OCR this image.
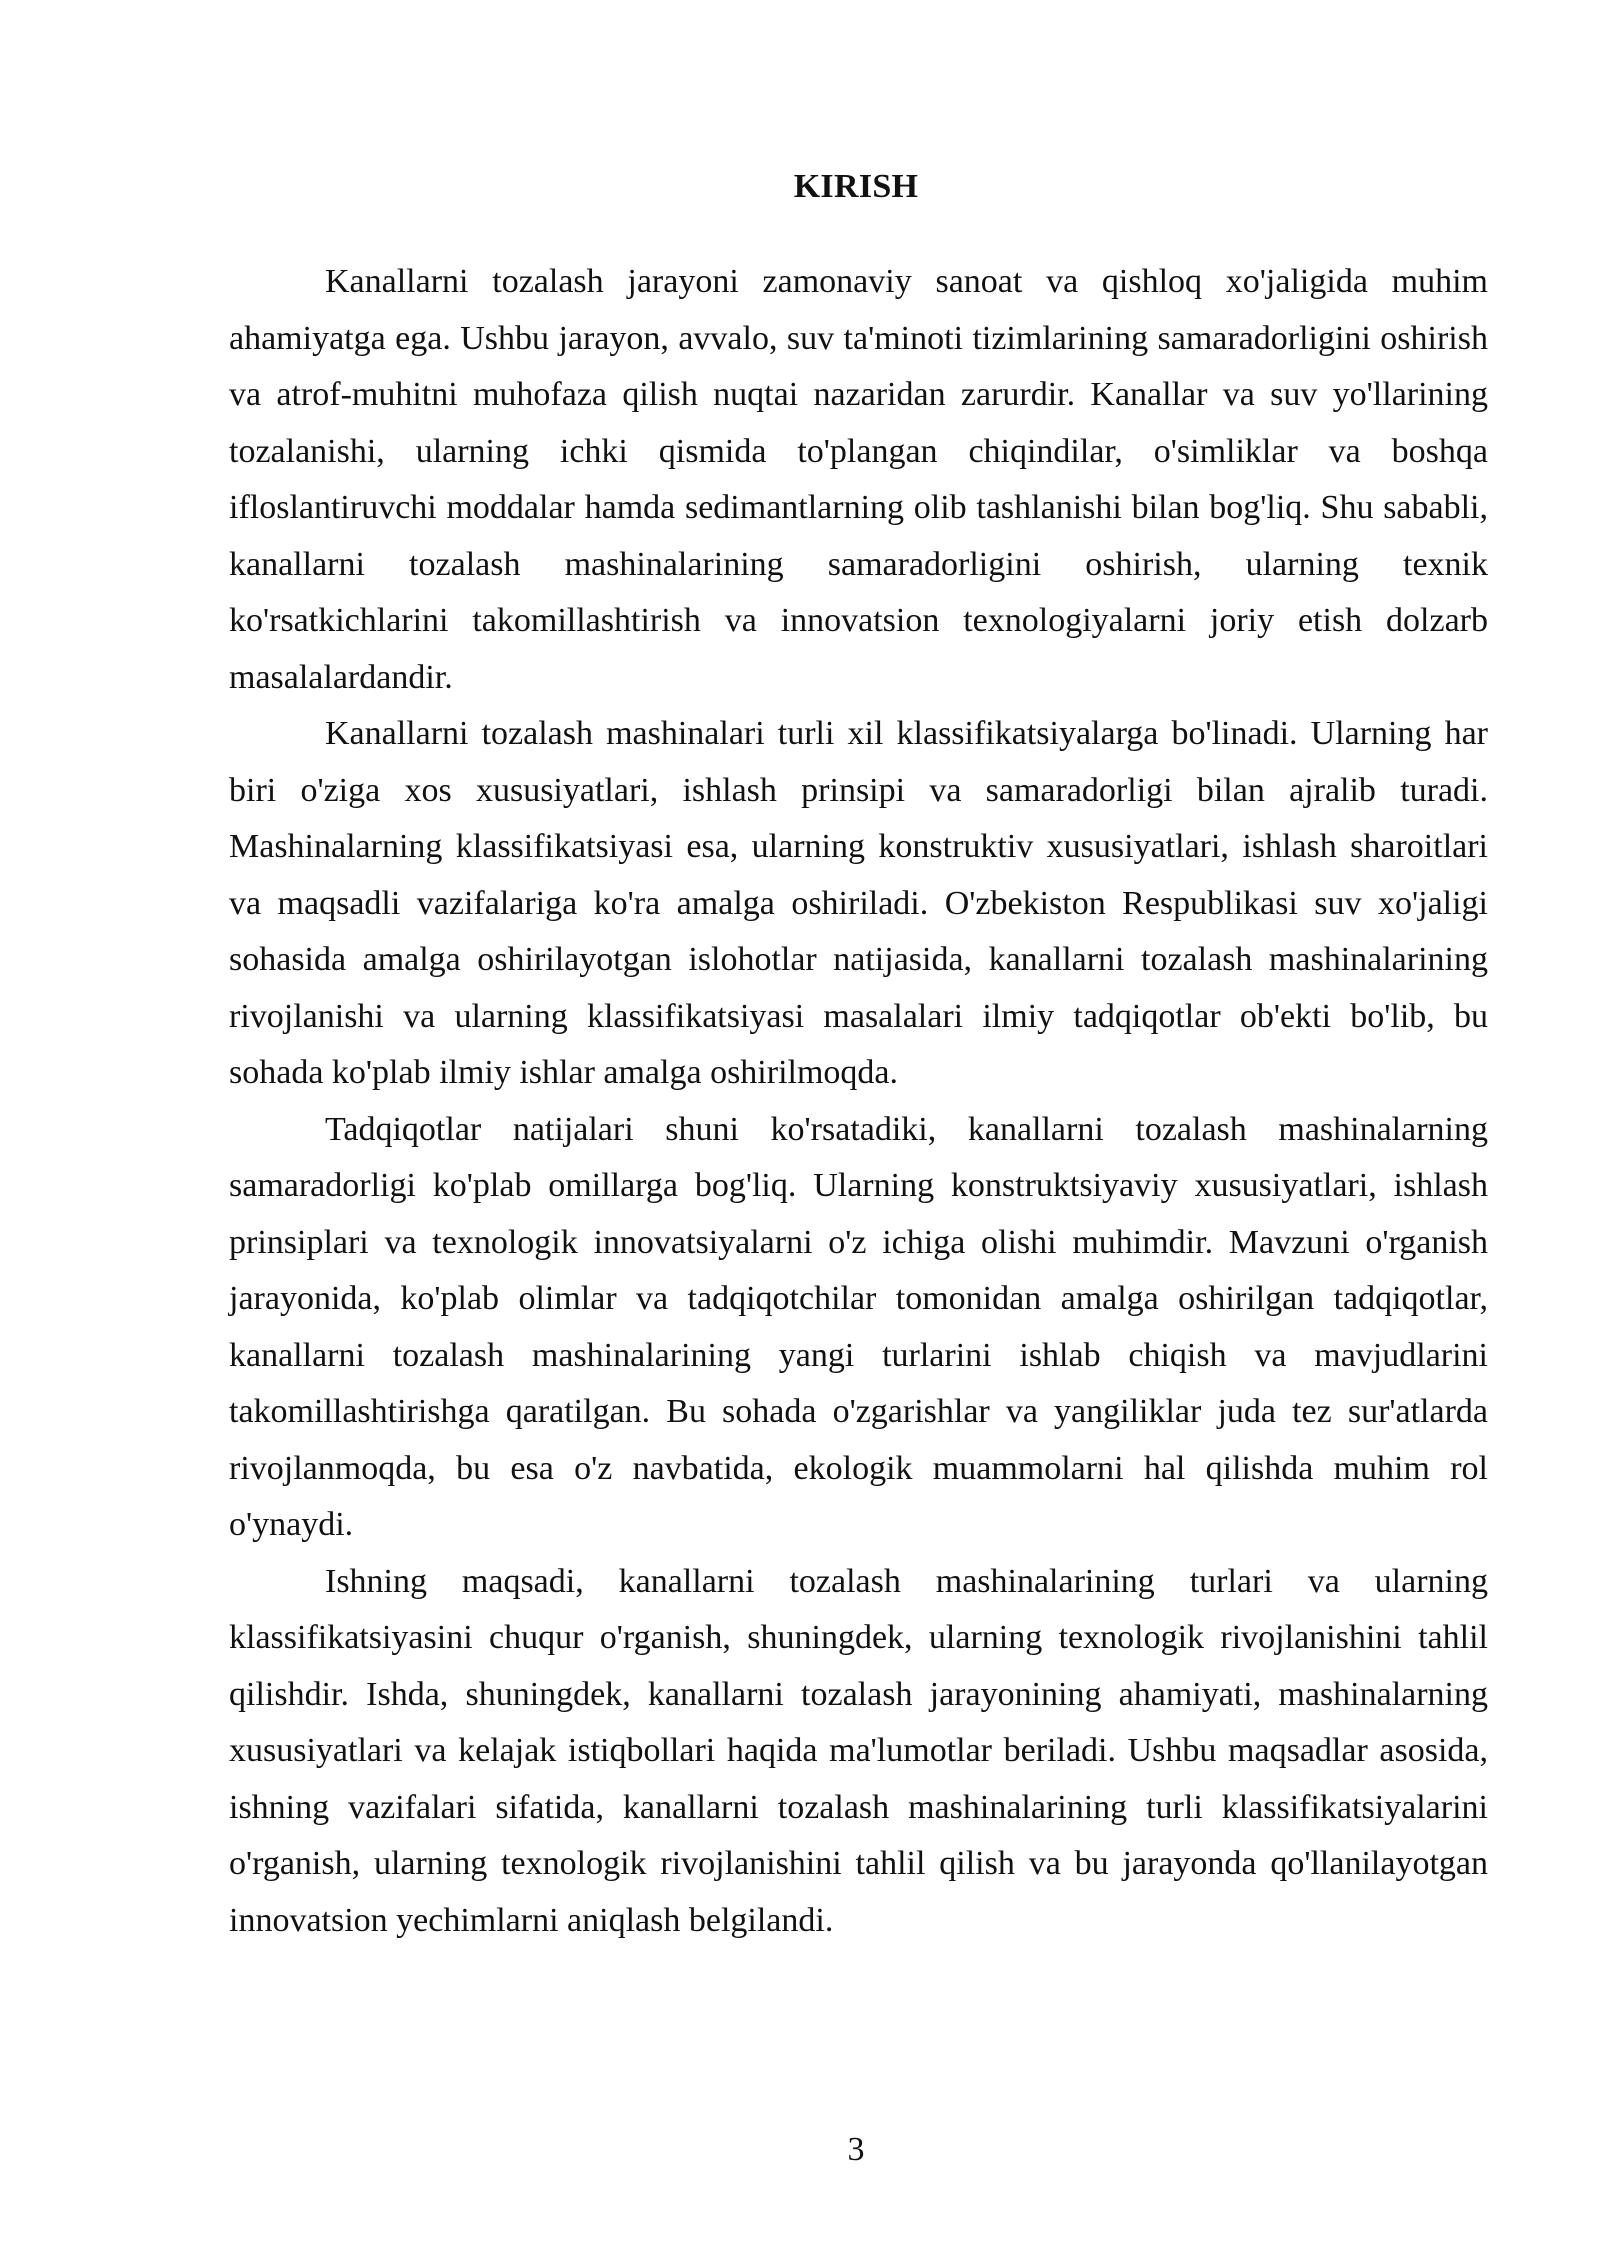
KIRISH

Kanallarni tozalash jarayoni zamonaviy sanoat va qishloq xo'jaligida muhim ahamiyatga ega. Ushbu jarayon, avvalo, suv ta'minoti tizimlarining samaradorligini oshirish va atrof-muhitni muhofaza qilish nuqtai nazaridan zarurdir. Kanallar va suv yo'llarining tozalanishi, ularning ichki qismida to'plangan chiqindilar, o'simliklar va boshqa ifloslantiruvchi moddalar hamda sedimantlarning olib tashlanishi bilan bog'liq. Shu sababli, kanallarni tozalash mashinalarining samaradorligini oshirish, ularning texnik ko'rsatkichlarini takomillashtirish va innovatsion texnologiyalarni joriy etish dolzarb masalalardandir.

Kanallarni tozalash mashinalari turli xil klassifikatsiyalarga bo'linadi. Ularning har biri o'ziga xos xususiyatlari, ishlash prinsipi va samaradorligi bilan ajralib turadi. Mashinalarning klassifikatsiyasi esa, ularning konstruktiv xususiyatlari, ishlash sharoitlari va maqsadli vazifalariga ko'ra amalga oshiriladi. O'zbekiston Respublikasi suv xo'jaligi sohasida amalga oshirilayotgan islohotlar natijasida, kanallarni tozalash mashinalarining rivojlanishi va ularning klassifikatsiyasi masalalari ilmiy tadqiqotlar ob'ekti bo'lib, bu sohada ko'plab ilmiy ishlar amalga oshirilmoqda.

Tadqiqotlar natijalari shuni ko'rsatadiki, kanallarni tozalash mashinalarning samaradorligi ko'plab omillarga bog'liq. Ularning konstruktsiyaviy xususiyatlari, ishlash prinsiplari va texnologik innovatsiyalarni o'z ichiga olishi muhimdir. Mavzuni o'rganish jarayonida, ko'plab olimlar va tadqiqotchilar tomonidan amalga oshirilgan tadqiqotlar, kanallarni tozalash mashinalarining yangi turlarini ishlab chiqish va mavjudlarini takomillashtirishga qaratilgan. Bu sohada o'zgarishlar va yangiliklar juda tez sur'atlarda rivojlanmoqda, bu esa o'z navbatida, ekologik muammolarni hal qilishda muhim rol o'ynaydi.

Ishning maqsadi, kanallarni tozalash mashinalarining turlari va ularning klassifikatsiyasini chuqur o'rganish, shuningdek, ularning texnologik rivojlanishini tahlil qilishdir. Ishda, shuningdek, kanallarni tozalash jarayonining ahamiyati, mashinalarning xususiyatlari va kelajak istiqbollari haqida ma'lumotlar beriladi. Ushbu maqsadlar asosida, ishning vazifalari sifatida, kanallarni tozalash mashinalarining turli klassifikatsiyalarini o'rganish, ularning texnologik rivojlanishini tahlil qilish va bu jarayonda qo'llanilayotgan innovatsion yechimlarni aniqlash belgilandi.

3
